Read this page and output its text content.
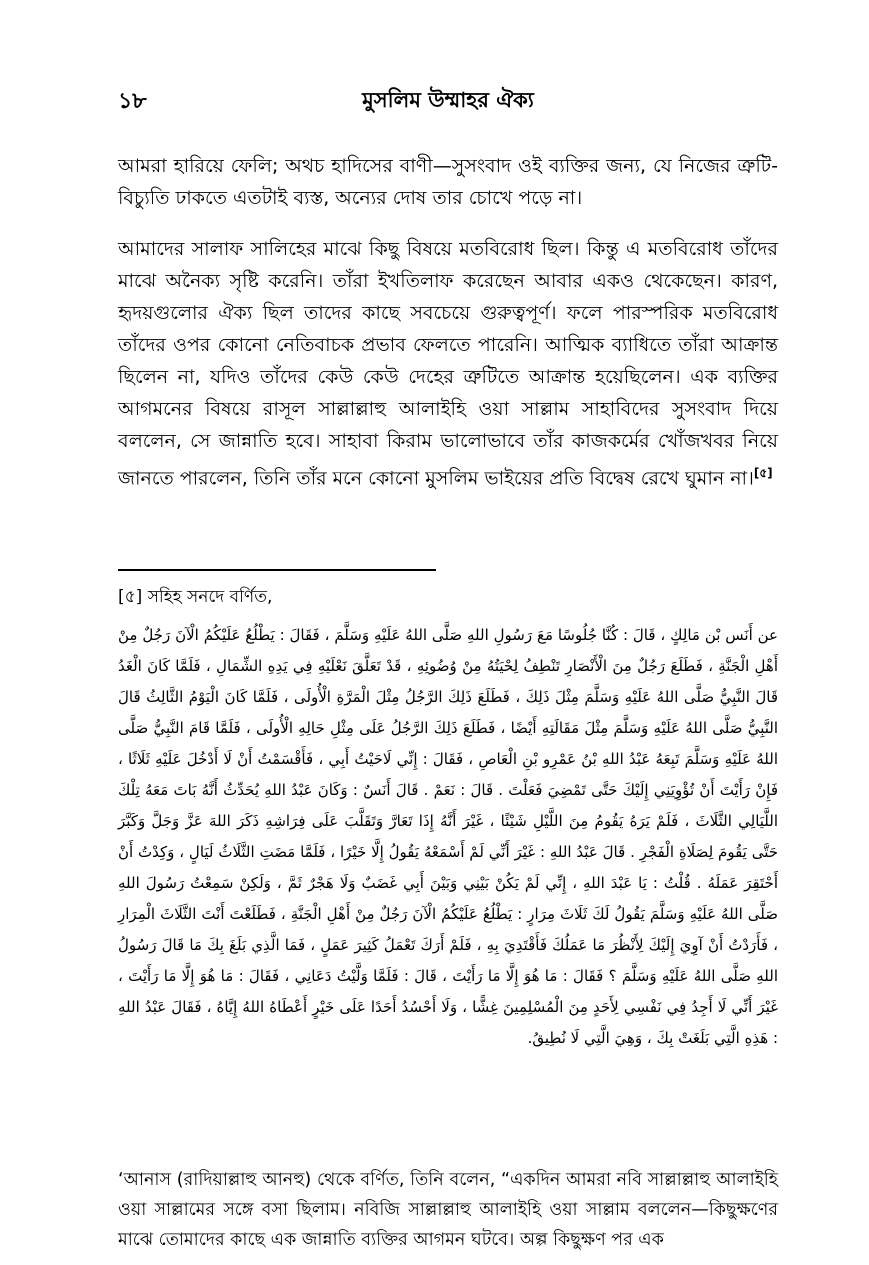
১৮	মুসলিম উম্মাহর ঐক্য

আমরা হারিয়ে ফেলি; অথচ হাদিসের বাণী—সুসংবাদ ওই ব্যক্তির জন্য, যে নিজের ত্রুটি-বিচ্যুতি ঢাকতে এতটাই ব্যস্ত, অন্যের দোষ তার চোখে পড়ে না।

আমাদের সালাফ সালিহের মাঝে কিছু বিষয়ে মতবিরোধ ছিল। কিন্তু এ মতবিরোধ তাঁদের মাঝে অনৈক্য সৃষ্টি করেনি। তাঁরা ইখতিলাফ করেছেন আবার একও থেকেছেন। কারণ, হৃদয়গুলোর ঐক্য ছিল তাদের কাছে সবচেয়ে গুরুত্বপূর্ণ। ফলে পারস্পরিক মতবিরোধ তাঁদের ওপর কোনো নেতিবাচক প্রভাব ফেলতে পারেনি। আত্মিক ব্যাধিতে তাঁরা আক্রান্ত ছিলেন না, যদিও তাঁদের কেউ কেউ দেহের ত্রুটিতে আক্রান্ত হয়েছিলেন। এক ব্যক্তির আগমনের বিষয়ে রাসূল সাল্লাল্লাহু আলাইহি ওয়া সাল্লাম সাহাবিদের সুসংবাদ দিয়ে বললেন, সে জান্নাতি হবে। সাহাবা কিরাম ভালোভাবে তাঁর কাজকর্মের খোঁজখবর নিয়ে জানতে পারলেন, তিনি তাঁর মনে কোনো মুসলিম ভাইয়ের প্রতি বিদ্বেষ রেখে ঘুমান না।[৫]

[৫] সহিহ সনদে বর্ণিত,

عن أَنَس بْن مَالِكٍ ، قَالَ : كُنَّا جُلُوسًا مَعَ رَسُولِ اللهِ صَلَّى اللهُ عَلَيْهِ وَسَلَّمَ ، فَقَالَ : يَطْلُعُ عَلَيْكُمُ الْآنَ رَجُلٌ مِنْ أَهْلِ الْجَنَّةِ ، فَطَلَعَ رَجُلٌ مِنَ الْأَنْصَارِ تَنْطِفُ لِحْيَتُهُ مِنْ وُضُوئِهِ ، قَدْ تَعَلَّقَ نَعْلَيْهِ فِي يَدِهِ الشِّمَالِ ، فَلَمَّا كَانَ الْغَدُ قَالَ النَّبِيُّ صَلَّى اللهُ عَلَيْهِ وَسَلَّمَ مِثْلَ ذَلِكَ ، فَطَلَعَ ذَلِكَ الرَّجُلُ مِثْلَ الْمَرَّةِ الْأُولَى ، فَلَمَّا كَانَ الْيَوْمُ الثَّالِثُ قَالَ النَّبِيُّ صَلَّى اللهُ عَلَيْهِ وَسَلَّمَ مِثْلَ مَقَالَتِهِ أَيْضًا ، فَطَلَعَ ذَلِكَ الرَّجُلُ عَلَى مِثْلِ حَالِهِ الْأُولَى ، فَلَمَّا قَامَ النَّبِيُّ صَلَّى اللهُ عَلَيْهِ وَسَلَّمَ تَبِعَهُ عَبْدُ اللهِ بْنُ عَمْرِو بْنِ الْعَاصِ ، فَقَالَ : إِنِّي لَاحَيْتُ أَبِي ، فَأَقْسَمْتُ أَنْ لَا أَدْخُلَ عَلَيْهِ ثَلَاثًا ، فَإِنْ رَأَيْتَ أَنْ تُؤْوِيَنِي إِلَيْكَ حَتَّى تَمْضِيَ فَعَلْتَ . قَالَ : نَعَمْ . قَالَ أَنَسٌ : وَكَانَ عَبْدُ اللهِ يُحَدِّثُ أَنَّهُ بَاتَ مَعَهُ تِلْكَ اللَّيَالِي الثَّلَاثَ ، فَلَمْ يَرَهُ يَقُومُ مِنَ اللَّيْلِ شَيْئًا ، غَيْرَ أَنَّهُ إِذَا تَعَارَّ وَتَقَلَّبَ عَلَى فِرَاشِهِ ذَكَرَ اللهَ عَزَّ وَجَلَّ وَكَبَّرَ حَتَّى يَقُومَ لِصَلَاةِ الْفَجْرِ . قَالَ عَبْدُ اللهِ : غَيْرَ أَنِّي لَمْ أَسْمَعْهُ يَقُولُ إِلَّا خَيْرًا ، فَلَمَّا مَضَتِ الثَّلَاثُ لَيَالٍ ، وَكِدْتُ أَنْ أَحْتَقِرَ عَمَلَهُ . قُلْتُ : يَا عَبْدَ اللهِ ، إِنِّي لَمْ يَكُنْ بَيْنِي وَبَيْنَ أَبِي غَضَبٌ وَلَا هَجْرٌ ثَمَّ ، وَلَكِنْ سَمِعْتُ رَسُولَ اللهِ صَلَّى اللهُ عَلَيْهِ وَسَلَّمَ يَقُولُ لَكَ ثَلَاثَ مِرَارٍ : يَطْلُعُ عَلَيْكُمُ الْآنَ رَجُلٌ مِنْ أَهْلِ الْجَنَّةِ ، فَطَلَعْتَ أَنْتَ الثَّلَاثَ الْمِرَارِ ، فَأَرَدْتُ أَنْ آوِيَ إِلَيْكَ لِأَنْظُرَ مَا عَمَلُكَ فَأَقْتَدِيَ بِهِ ، فَلَمْ أَرَكَ تَعْمَلُ كَثِيرَ عَمَلٍ ، فَمَا الَّذِي بَلَغَ بِكَ مَا قَالَ رَسُولُ اللهِ صَلَّى اللهُ عَلَيْهِ وَسَلَّمَ ؟ فَقَالَ : مَا هُوَ إِلَّا مَا رَأَيْتَ ، قَالَ : فَلَمَّا وَلَّيْتُ دَعَانِي ، فَقَالَ : مَا هُوَ إِلَّا مَا رَأَيْتَ ، غَيْرَ أَنِّي لَا أَجِدُ فِي نَفْسِي لِأَحَدٍ مِنَ الْمُسْلِمِينَ غِشًّا ، وَلَا أَحْسُدُ أَحَدًا عَلَى خَيْرٍ أَعْطَاهُ اللهُ إِيَّاهُ ، فَقَالَ عَبْدُ اللهِ : هَذِهِ الَّتِي بَلَغَتْ بِكَ ، وَهِيَ الَّتِي لَا نُطِيقُ.

‘আনাস (রাদিয়াল্লাহু আনহু) থেকে বর্ণিত, তিনি বলেন, “একদিন আমরা নবি সাল্লাল্লাহু আলাইহি ওয়া সাল্লামের সঙ্গে বসা ছিলাম। নবিজি সাল্লাল্লাহু আলাইহি ওয়া সাল্লাম বললেন—কিছুক্ষণের মাঝে তোমাদের কাছে এক জান্নাতি ব্যক্তির আগমন ঘটবে। অল্প কিছুক্ষণ পর এক
